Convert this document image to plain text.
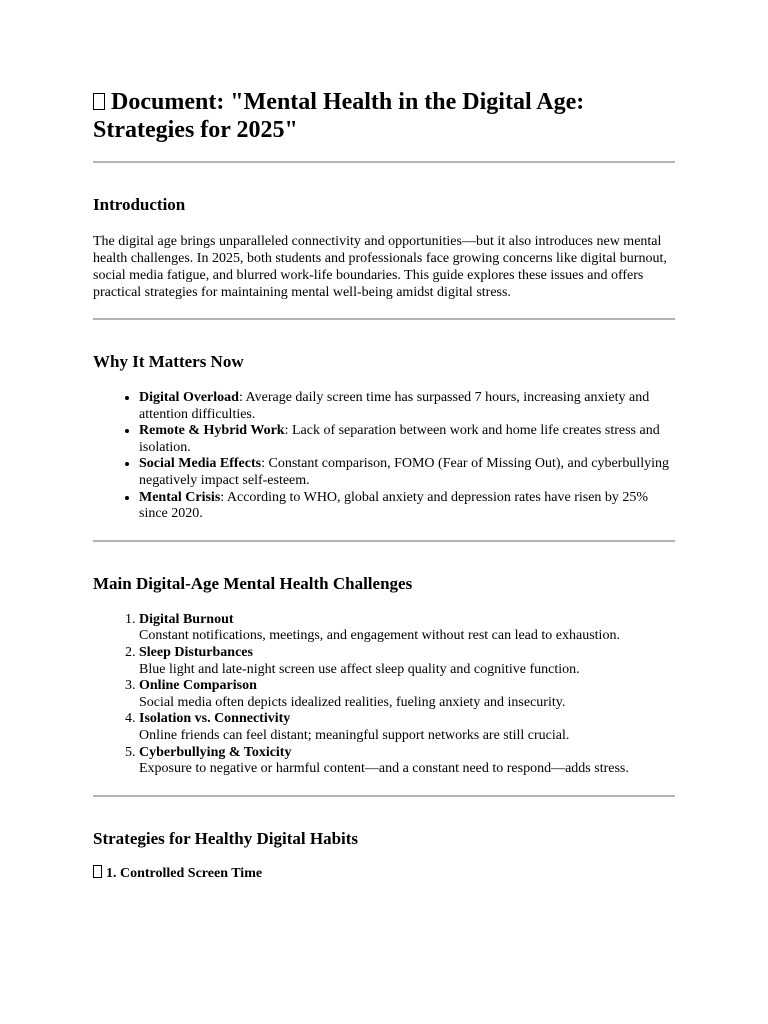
Document: "Mental Health in the Digital Age:
Strategies for 2025"
Introduction

The digital age brings unparalleled connectivity and opportunities—but it also introduces new mental health challenges. In 2025, both students and professionals face growing concerns like digital burnout, social media fatigue, and blurred work-life boundaries. This guide explores these issues and offers practical strategies for maintaining mental well-being amidst digital stress.

Why It Matters Now
• Digital Overload: Average daily screen time has surpassed 7 hours, increasing anxiety and attention difficulties.
• Remote & Hybrid Work: Lack of separation between work and home life creates stress and isolation.
• Social Media Effects: Constant comparison, FOMO (Fear of Missing Out), and cyberbullying negatively impact self-esteem.
• Mental Crisis: According to WHO, global anxiety and depression rates have risen by 25% since 2020.
Main Digital-Age Mental Health Challenges
1. Digital Burnout
Constant notifications, meetings, and engagement without rest can lead to exhaustion.
2. Sleep Disturbances
Blue light and late-night screen use affect sleep quality and cognitive function.
3. Online Comparison
Social media often depicts idealized realities, fueling anxiety and insecurity.
4. Isolation vs. Connectivity
Online friends can feel distant; meaningful support networks are still crucial.
5. Cyberbullying & Toxicity
Exposure to negative or harmful content—and a constant need to respond—adds stress.
Strategies for Healthy Digital Habits
1. Controlled Screen Time
